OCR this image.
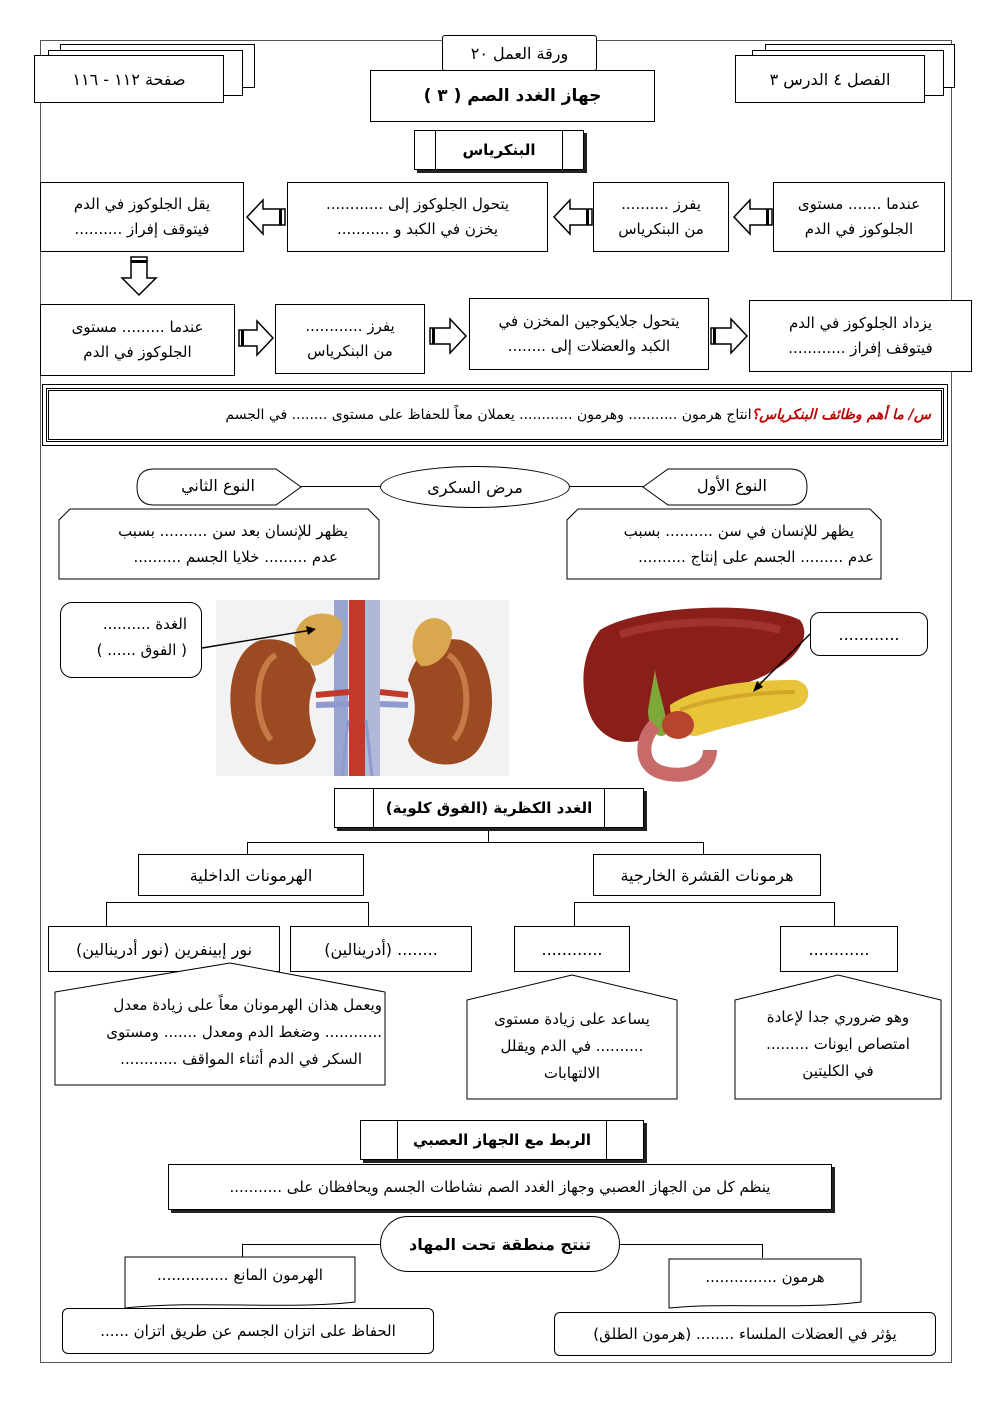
صفحة ١١٢ - ١١٦
ورقة العمل ٢٠
جهاز الغدد الصم ( ٣ )
الفصل ٤ الدرس ٣
البنكرياس
عندما ....... مستوى
الجلوكوز في الدم
يفرز ..........
من البنكرياس
يتحول الجلوكوز إلى ............
يخزن في الكبد و ...........
يقل الجلوكوز في الدم
فيتوقف إفراز ..........
يزداد الجلوكوز في الدم
فيتوقف إفراز ............
يتحول جلايكوجين المخزن في
الكبد والعضلات إلى ........
يفرز ............
من البنكرياس
عندما ......... مستوى
الجلوكوز في الدم
س/ ما أهم وظائف البنكرياس؟
انتاج هرمون ........... وهرمون ............ يعملان معاً للحفاظ على مستوى ........ في الجسم
مرض السكرى	النوع الأول
النوع الثاني
يظهر للإنسان في سن .......... بسبب
عدم ......... الجسم على إنتاج ..........
يظهر للإنسان بعد سن .......... بسبب
عدم ......... خلايا الجسم ..........
الغدة ..........
( الفوق ...... )
............
الغدد الكظرية (الفوق كلوية)
هرمونات القشرة الخارجية
الهرمونات الداخلية
............
............
........ (أدرينالين)
نور إبينفرين (نور أدرينالين)
وهو ضروري جدا لإعادة
امتصاص ايونات .........
في الكليتين
يساعد على زيادة مستوى
.......... في الدم ويقلل
الالتهابات
ويعمل هذان الهرمونان معاً على زيادة معدل
............ وضغط الدم ومعدل ....... ومستوى
السكر في الدم أثناء المواقف ............
الربط مع الجهاز العصبي
ينظم كل من الجهاز العصبي وجهاز الغدد الصم نشاطات الجسم ويحافظان على ...........
تنتج منطقة تحت المهاد
هرمون ...............
الهرمون المانع ...............
يؤثر في العضلات الملساء ........ (هرمون الطلق)
الحفاظ على اتزان الجسم عن طريق اتزان ......
